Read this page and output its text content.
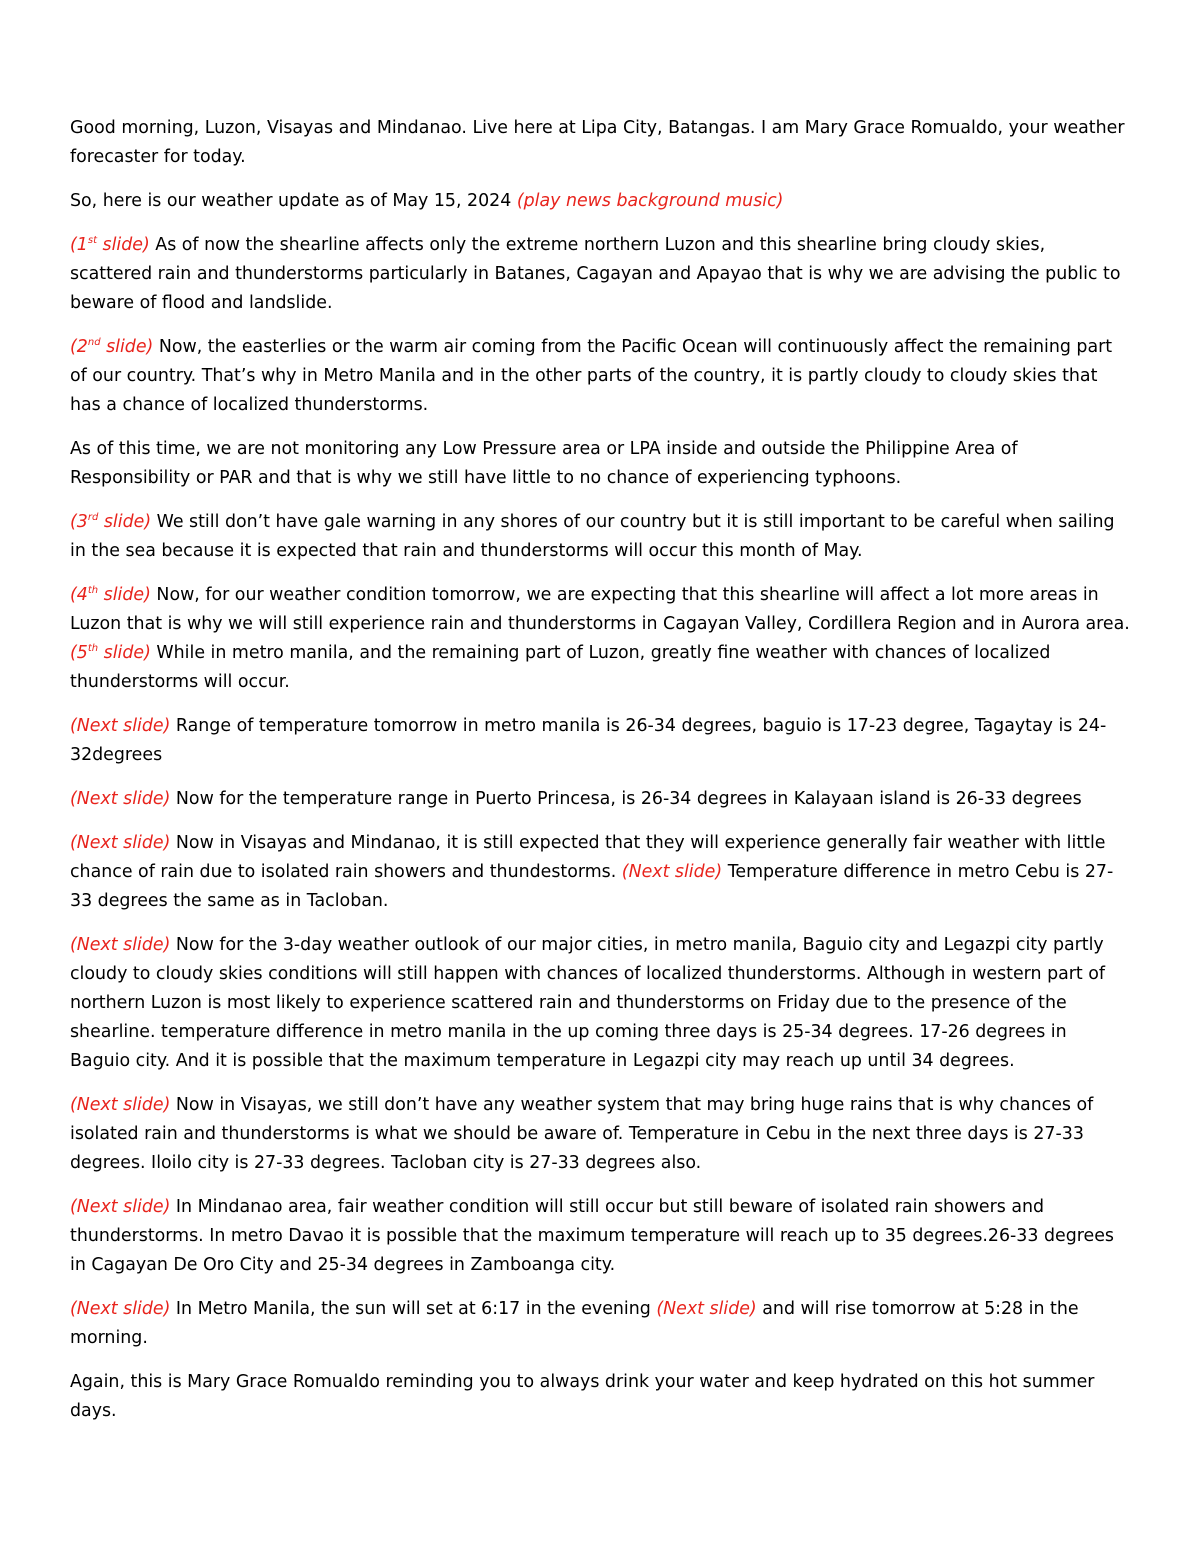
Good morning, Luzon, Visayas and Mindanao. Live here at Lipa City, Batangas. I am Mary Grace Romualdo, your weather forecaster for today.

So, here is our weather update as of May 15, 2024 (play news background music)

(1st slide) As of now the shearline affects only the extreme northern Luzon and this shearline bring cloudy skies, scattered rain and thunderstorms particularly in Batanes, Cagayan and Apayao that is why we are advising the public to beware of flood and landslide.

(2nd slide) Now, the easterlies or the warm air coming from the Pacific Ocean will continuously affect the remaining part of our country. That’s why in Metro Manila and in the other parts of the country, it is partly cloudy to cloudy skies that has a chance of localized thunderstorms.

As of this time, we are not monitoring any Low Pressure area or LPA inside and outside the Philippine Area of Responsibility or PAR and that is why we still have little to no chance of experiencing typhoons.

(3rd slide) We still don’t have gale warning in any shores of our country but it is still important to be careful when sailing in the sea because it is expected that rain and thunderstorms will occur this month of May.

(4th slide) Now, for our weather condition tomorrow, we are expecting that this shearline will affect a lot more areas in Luzon that is why we will still experience rain and thunderstorms in Cagayan Valley, Cordillera Region and in Aurora area. (5th slide) While in metro manila, and the remaining part of Luzon, greatly fine weather with chances of localized thunderstorms will occur.

(Next slide) Range of temperature tomorrow in metro manila is 26-34 degrees, baguio is 17-23 degree, Tagaytay is 24-32degrees

(Next slide) Now for the temperature range in Puerto Princesa, is 26-34 degrees in Kalayaan island is 26-33 degrees

(Next slide) Now in Visayas and Mindanao, it is still expected that they will experience generally fair weather with little chance of rain due to isolated rain showers and thundestorms. (Next slide) Temperature difference in metro Cebu is 27-33 degrees the same as in Tacloban.

(Next slide) Now for the 3-day weather outlook of our major cities, in metro manila, Baguio city and Legazpi city partly cloudy to cloudy skies conditions will still happen with chances of localized thunderstorms. Although in western part of northern Luzon is most likely to experience scattered rain and thunderstorms on Friday due to the presence of the shearline. temperature difference in metro manila in the up coming three days is 25-34 degrees. 17-26 degrees in Baguio city. And it is possible that the maximum temperature in Legazpi city may reach up until 34 degrees.

(Next slide) Now in Visayas, we still don’t have any weather system that may bring huge rains that is why chances of isolated rain and thunderstorms is what we should be aware of. Temperature in Cebu in the next three days is 27-33 degrees. Iloilo city is 27-33 degrees. Tacloban city is 27-33 degrees also.

(Next slide) In Mindanao area, fair weather condition will still occur but still beware of isolated rain showers and thunderstorms. In metro Davao it is possible that the maximum temperature will reach up to 35 degrees.26-33 degrees in Cagayan De Oro City and 25-34 degrees in Zamboanga city.

(Next slide) In Metro Manila, the sun will set at 6:17 in the evening (Next slide) and will rise tomorrow at 5:28 in the morning.

Again, this is Mary Grace Romualdo reminding you to always drink your water and keep hydrated on this hot summer days.
